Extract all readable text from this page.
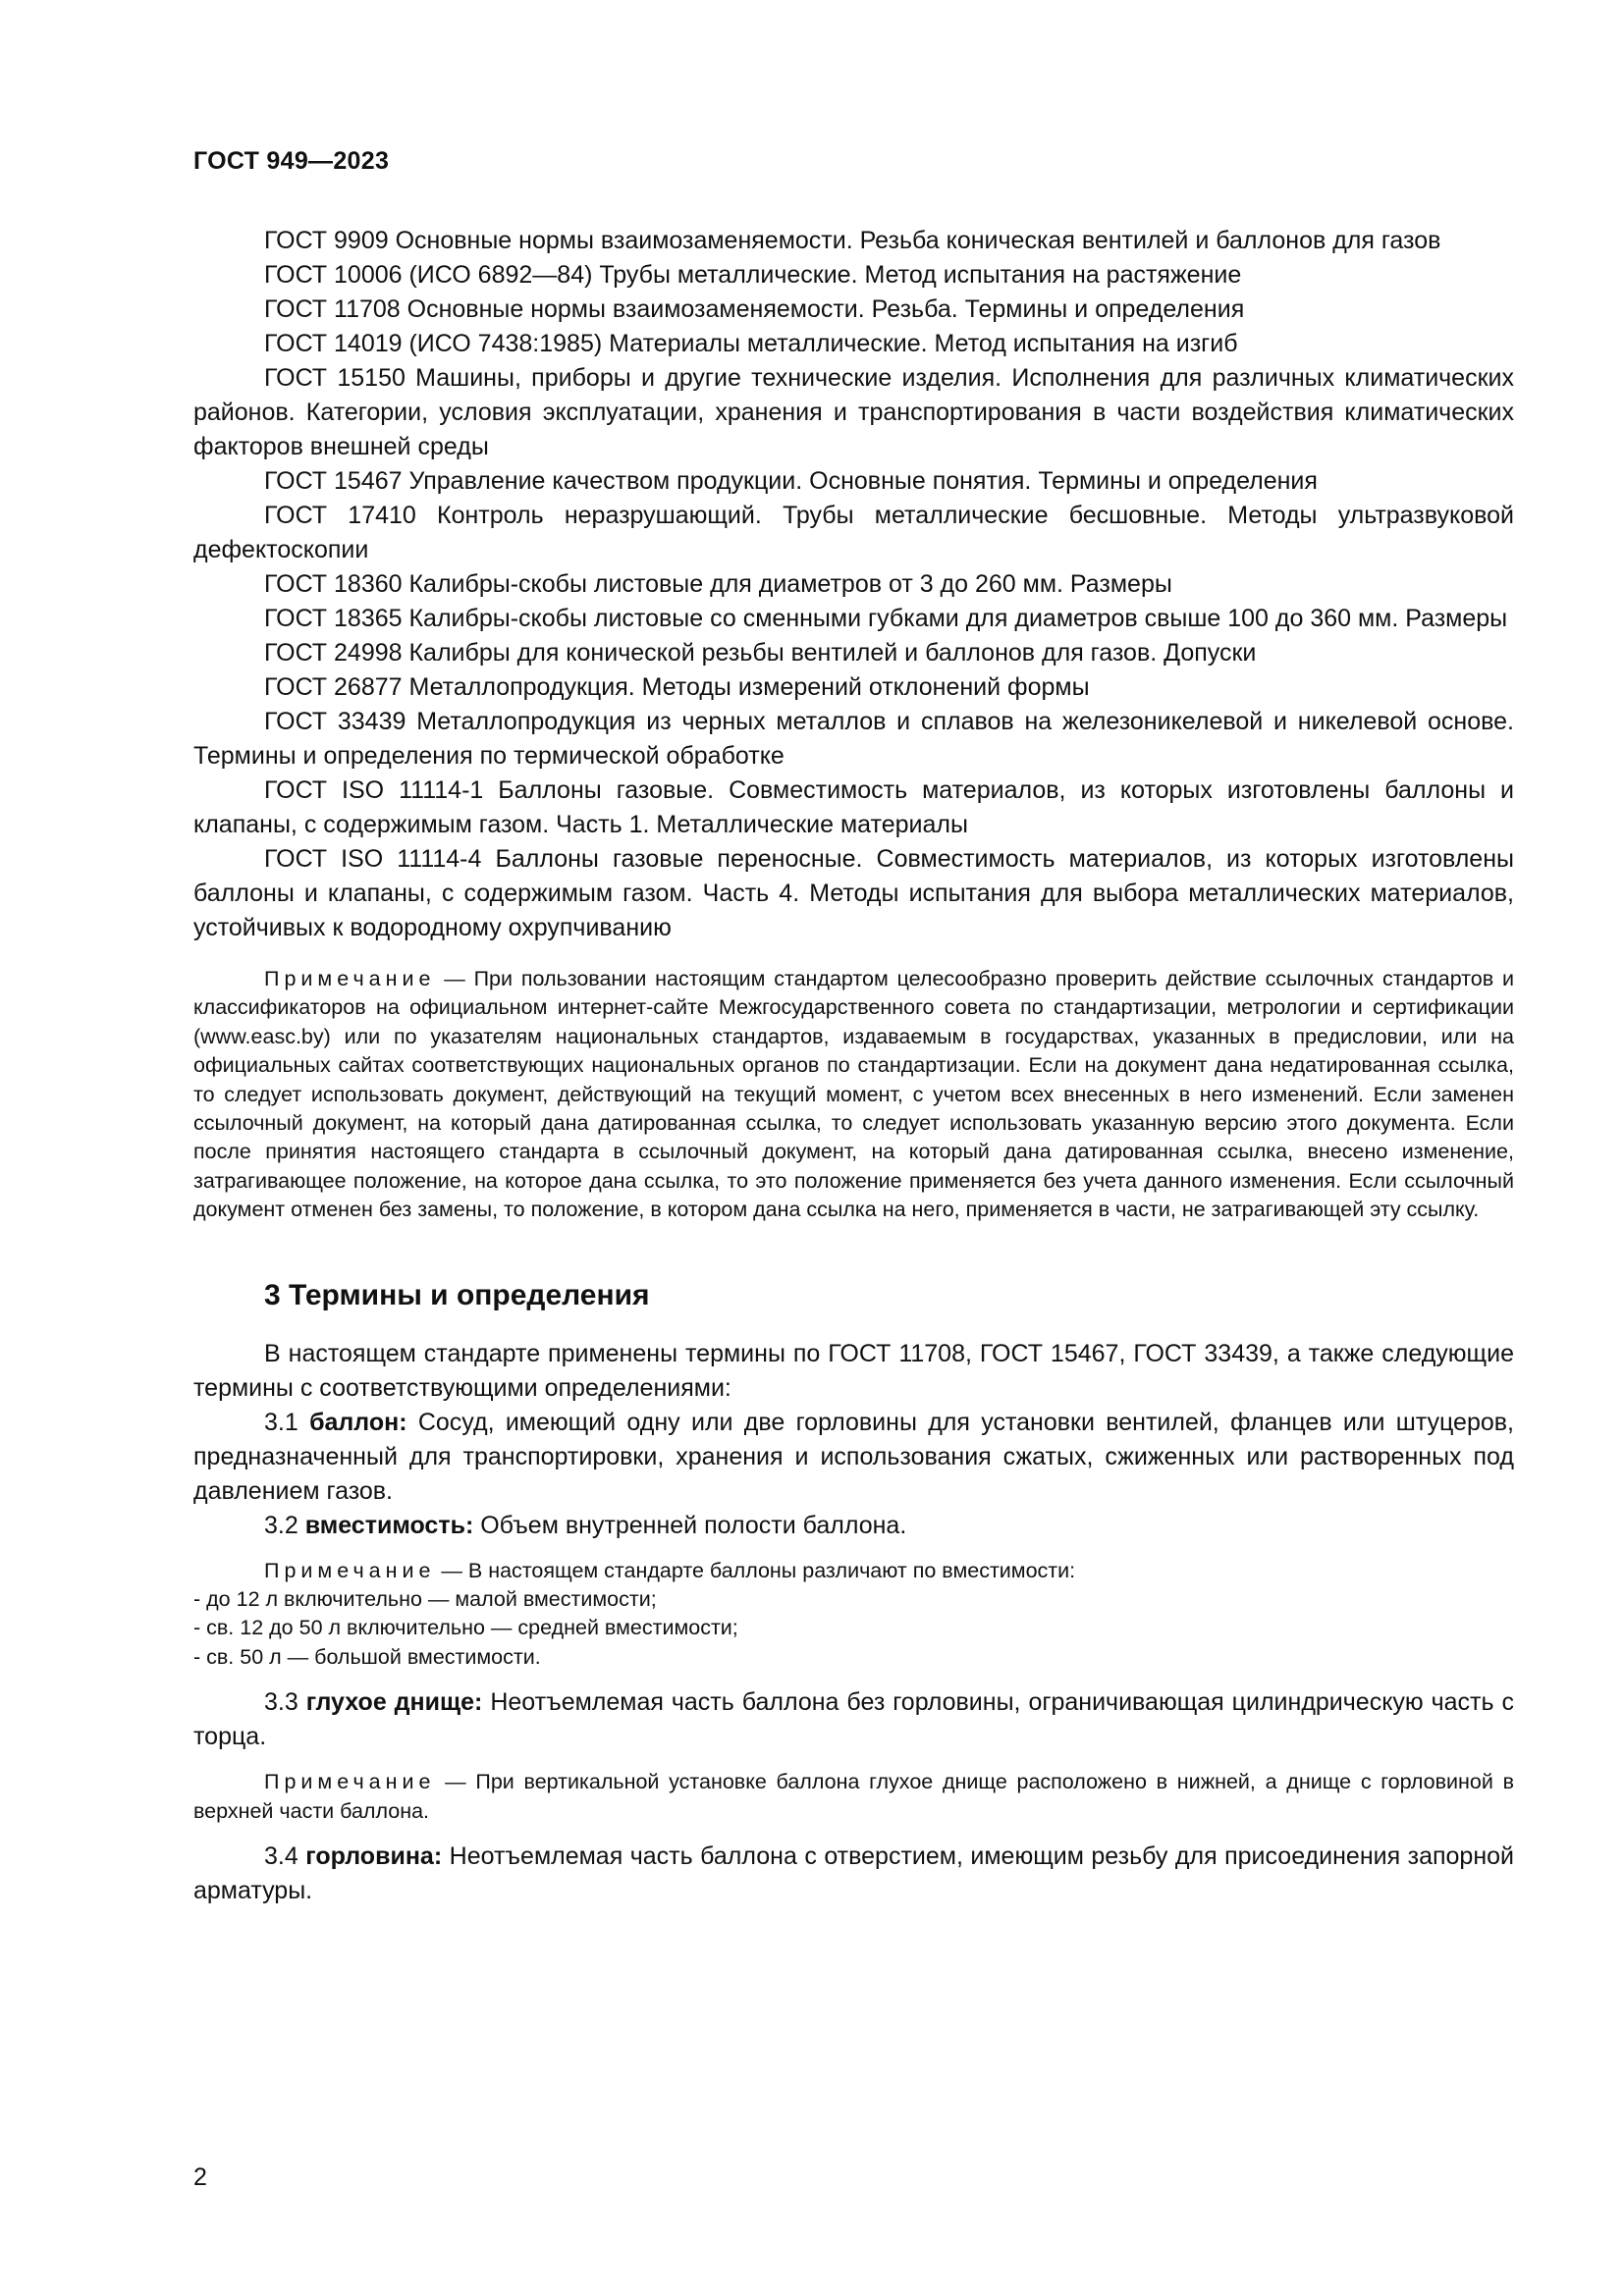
ГОСТ 949—2023

ГОСТ 9909 Основные нормы взаимозаменяемости. Резьба коническая вентилей и баллонов для газов

ГОСТ 10006 (ИСО 6892—84) Трубы металлические. Метод испытания на растяжение

ГОСТ 11708 Основные нормы взаимозаменяемости. Резьба. Термины и определения

ГОСТ 14019 (ИСО 7438:1985) Материалы металлические. Метод испытания на изгиб

ГОСТ 15150 Машины, приборы и другие технические изделия. Исполнения для различных климатических районов. Категории, условия эксплуатации, хранения и транспортирования в части воздействия климатических факторов внешней среды

ГОСТ 15467 Управление качеством продукции. Основные понятия. Термины и определения

ГОСТ 17410 Контроль неразрушающий. Трубы металлические бесшовные. Методы ультразвуковой дефектоскопии

ГОСТ 18360 Калибры-скобы листовые для диаметров от 3 до 260 мм. Размеры

ГОСТ 18365 Калибры-скобы листовые со сменными губками для диаметров свыше 100 до 360 мм. Размеры

ГОСТ 24998 Калибры для конической резьбы вентилей и баллонов для газов. Допуски

ГОСТ 26877 Металлопродукция. Методы измерений отклонений формы

ГОСТ 33439 Металлопродукция из черных металлов и сплавов на железоникелевой и никелевой основе. Термины и определения по термической обработке

ГОСТ ISO 11114-1 Баллоны газовые. Совместимость материалов, из которых изготовлены баллоны и клапаны, с содержимым газом. Часть 1. Металлические материалы

ГОСТ ISO 11114-4 Баллоны газовые переносные. Совместимость материалов, из которых изготовлены баллоны и клапаны, с содержимым газом. Часть 4. Методы испытания для выбора металлических материалов, устойчивых к водородному охрупчиванию

Примечание — При пользовании настоящим стандартом целесообразно проверить действие ссылочных стандартов и классификаторов на официальном интернет-сайте Межгосударственного совета по стандартизации, метрологии и сертификации (www.easc.by) или по указателям национальных стандартов, издаваемым в государствах, указанных в предисловии, или на официальных сайтах соответствующих национальных органов по стандартизации. Если на документ дана недатированная ссылка, то следует использовать документ, действующий на текущий момент, с учетом всех внесенных в него изменений. Если заменен ссылочный документ, на который дана датированная ссылка, то следует использовать указанную версию этого документа. Если после принятия настоящего стандарта в ссылочный документ, на который дана датированная ссылка, внесено изменение, затрагивающее положение, на которое дана ссылка, то это положение применяется без учета данного изменения. Если ссылочный документ отменен без замены, то положение, в котором дана ссылка на него, применяется в части, не затрагивающей эту ссылку.
3 Термины и определения

В настоящем стандарте применены термины по ГОСТ 11708, ГОСТ 15467, ГОСТ 33439, а также следующие термины с соответствующими определениями:

3.1 баллон: Сосуд, имеющий одну или две горловины для установки вентилей, фланцев или штуцеров, предназначенный для транспортировки, хранения и использования сжатых, сжиженных или растворенных под давлением газов.

3.2 вместимость: Объем внутренней полости баллона.

Примечание — В настоящем стандарте баллоны различают по вместимости:
- до 12 л включительно — малой вместимости;
- св. 12 до 50 л включительно — средней вместимости;
- св. 50 л — большой вместимости.

3.3 глухое днище: Неотъемлемая часть баллона без горловины, ограничивающая цилиндрическую часть с торца.

Примечание — При вертикальной установке баллона глухое днище расположено в нижней, а днище с горловиной в верхней части баллона.

3.4 горловина: Неотъемлемая часть баллона с отверстием, имеющим резьбу для присоединения запорной арматуры.

2
